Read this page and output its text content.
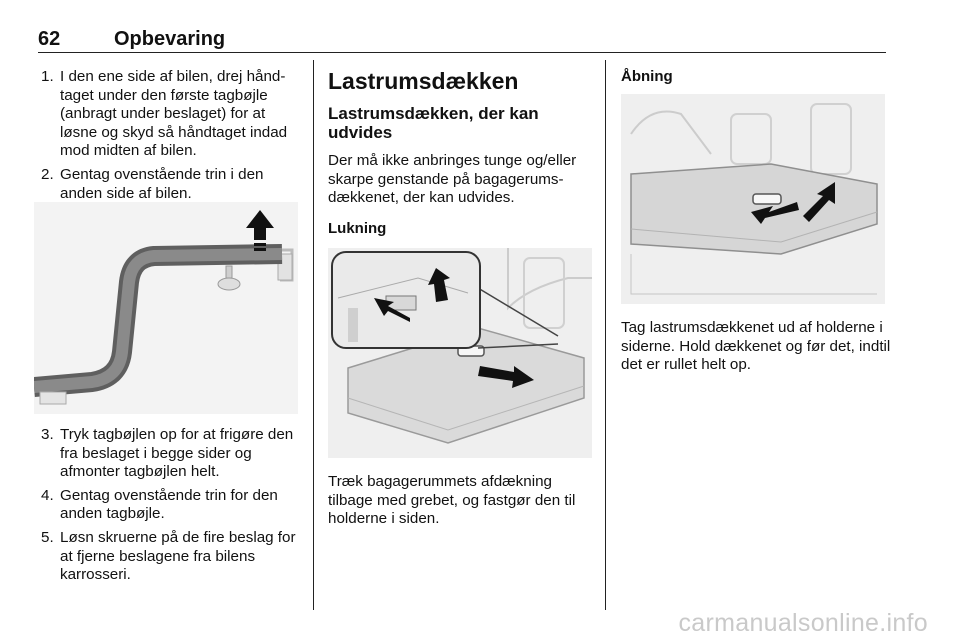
62	Opbevaring
1. I den ene side af bilen, drej hånd-taget under den første tagbøjle (anbragt under beslaget) for at løsne og skyd så håndtaget indad mod midten af bilen.
2. Gentag ovenstående trin i den anden side af bilen.
3. Tryk tagbøjlen op for at frigøre den fra beslaget i begge sider og afmonter tagbøjlen helt.
4. Gentag ovenstående trin for den anden tagbøjle.
5. Løsn skruerne på de fire beslag for at fjerne beslagene fra bilens karrosseri.
Lastrumsdækken
Lastrumsdækken, der kan udvides
Der må ikke anbringes tunge og/eller skarpe genstande på bagagerums-dækkenet, der kan udvides.
Lukning
Træk bagagerummets afdækning tilbage med grebet, og fastgør den til holderne i siden.
Åbning
Tag lastrumsdækkenet ud af holderne i siderne. Hold dækkenet og før det, indtil det er rullet helt op.
carmanualsonline.info
